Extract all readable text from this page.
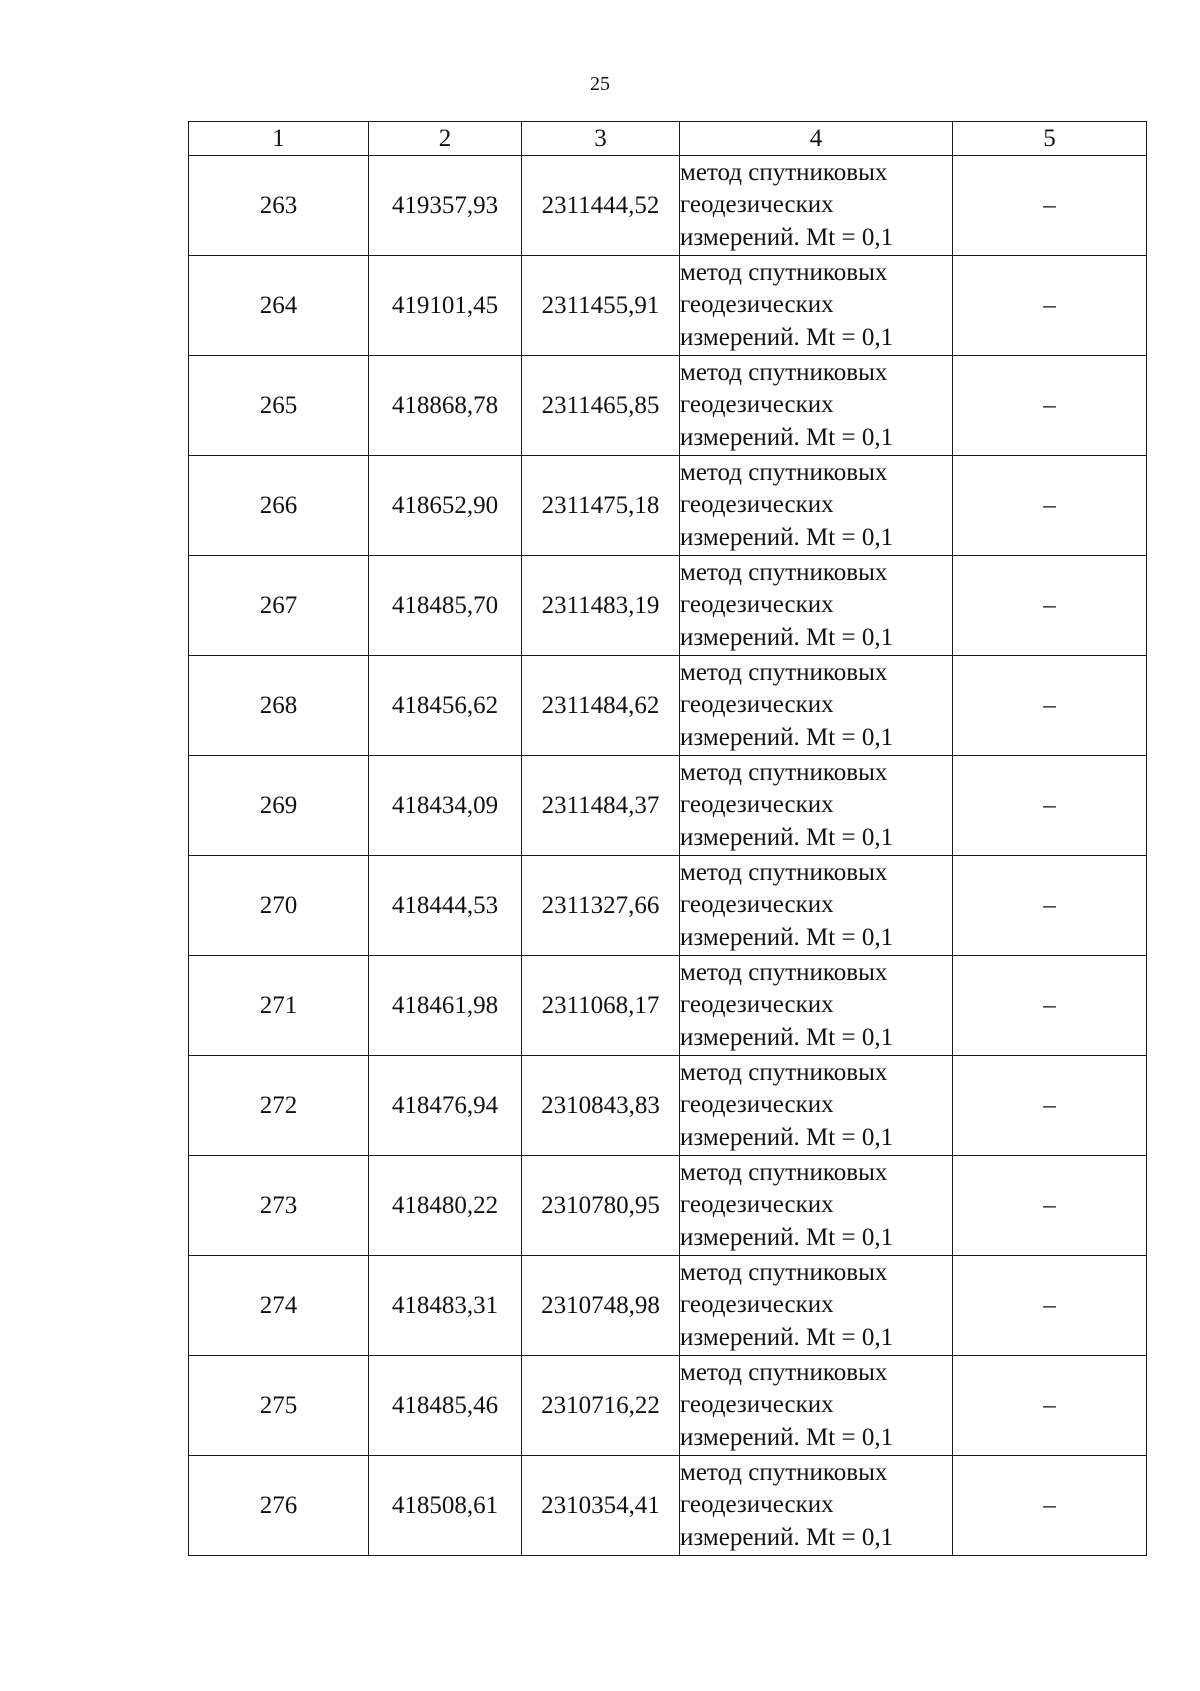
25
1	2	3	4	5
263	419357,93	2311444,52	метод спутниковых
геодезических
измерений. Mt = 0,1	–
264	419101,45	2311455,91	метод спутниковых
геодезических
измерений. Mt = 0,1	–
265	418868,78	2311465,85	метод спутниковых
геодезических
измерений. Mt = 0,1	–
266	418652,90	2311475,18	метод спутниковых
геодезических
измерений. Mt = 0,1	–
267	418485,70	2311483,19	метод спутниковых
геодезических
измерений. Mt = 0,1	–
268	418456,62	2311484,62	метод спутниковых
геодезических
измерений. Mt = 0,1	–
269	418434,09	2311484,37	метод спутниковых
геодезических
измерений. Mt = 0,1	–
270	418444,53	2311327,66	метод спутниковых
геодезических
измерений. Mt = 0,1	–
271	418461,98	2311068,17	метод спутниковых
геодезических
измерений. Mt = 0,1	–
272	418476,94	2310843,83	метод спутниковых
геодезических
измерений. Mt = 0,1	–
273	418480,22	2310780,95	метод спутниковых
геодезических
измерений. Mt = 0,1	–
274	418483,31	2310748,98	метод спутниковых
геодезических
измерений. Mt = 0,1	–
275	418485,46	2310716,22	метод спутниковых
геодезических
измерений. Mt = 0,1	–
276	418508,61	2310354,41	метод спутниковых
геодезических
измерений. Mt = 0,1	–
